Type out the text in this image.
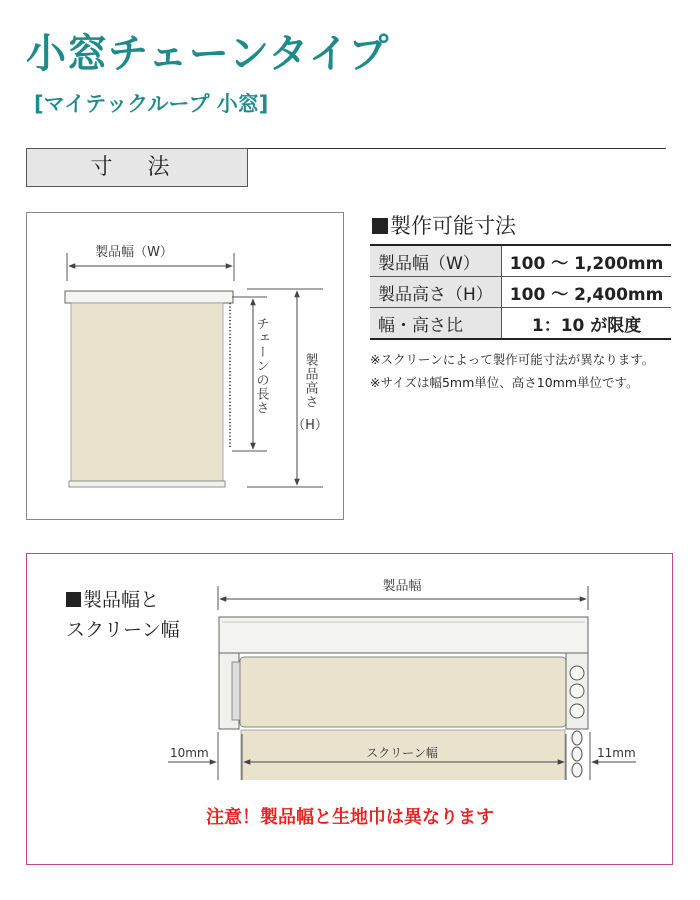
小窓チェーンタイプ
[マイテックループ 小窓]
寸 法
製品幅（W）
チェーンの長さ	製品高さ
（H）
製作可能寸法
製品幅（W）	100 ～ 1,200mm
製品高さ（H）	100 ～ 2,400mm
幅・高さ比	1：10 が限度
※スクリーンによって製作可能寸法が異なります。
※サイズは幅5mm単位、高さ10mm単位です。
製品幅と
スクリーン幅
製品幅
10mm	スクリーン幅	11mm
注意！製品幅と生地巾は異なります
